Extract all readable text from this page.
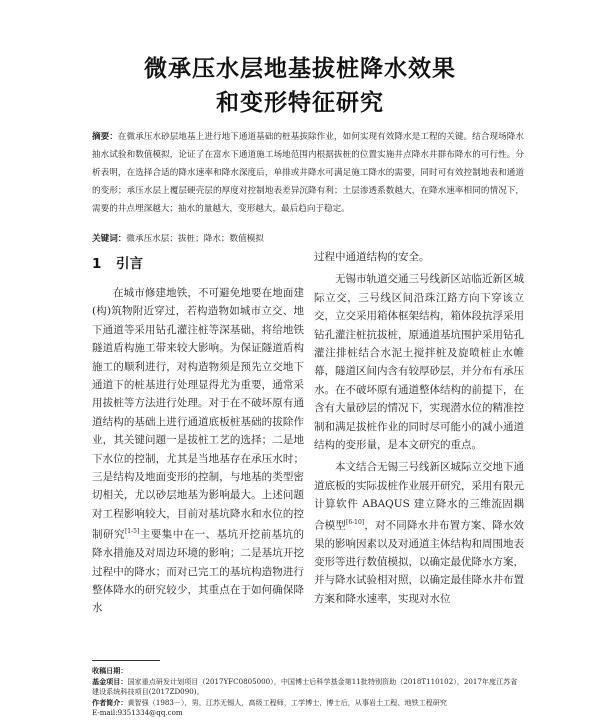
微承压水层地基拔桩降水效果
和变形特征研究
摘要：在微承压水砂层地基上进行地下通道基础的桩基拔除作业，如何实现有效降水是工程的关键。结合现场降水抽水试验和数值模拟，论证了在富水下通道施工场地范围内根据拔桩的位置实施井点降水井群布降水的可行性。分析表明，在选择合适的降水速率和降水深度后，单排或井降水可满足施工降水的需要，同时可有效控制地表和通道的变形；承压水层上覆层硬壳层的厚度对控制地表差异沉降有利；土层渗透系数越大，在降水速率相同的情况下，需要的井点埋深越大；抽水的量越大，变形越大，最后趋向于稳定。
关键词：微承压水层；拔桩；降水；数值模拟
1 引言

在城市修建地铁，不可避免地要在地面建(构)筑物附近穿过，若构造物如城市立交、地下通道等采用钻孔灌注桩等深基础，将给地铁隧道盾构施工带来较大影响。为保证隧道盾构施工的顺利进行，对构造物须是预先立交地下通道下的桩基进行处理显得尤为重要，通常采用拔桩等方法进行处理。对于在不破坏原有通道结构的基础上进行通道底板桩基础的拔除作业，其关键问题一是拔桩工艺的选择；二是地下水位的控制，尤其是当地基存在承压水时；三是结构及地面变形的控制，与地基的类型密切相关，尤以砂层地基为影响最大。上述问题对工程影响较大，目前对基坑降水和水位的控制研究[1-5]主要集中在一、基坑开挖前基坑的降水措施及对周边环境的影响；二是基坑开挖过程中的降水；而对已完工的基坑构造物进行整体降水的研究较少，其重点在于如何确保降水

过程中通道结构的安全。

无锡市轨道交通三号线新区站临近新区城际立交，三号线区间沿珠江路方向下穿该立交，立交采用箱体框架结构，箱体段抗浮采用钻孔灌注桩抗拔桩，原通道基坑围护采用钻孔灌注排桩结合水泥土搅拌桩及旋喷桩止水帷幕，隧道区间内含有较厚砂层，并分布有承压水。在不破坏原有通道整体结构的前提下，在含有大量砂层的情况下，实现潜水位的精准控制和满足拔桩作业的同时尽可能小的减小通道结构的变形量，是本文研究的重点。

本文结合无锡三号线新区城际立交地下通道底板的实际拔桩作业展开研究，采用有限元计算软件 ABAQUS 建立降水的三维流固耦合模型[6-10]，对不同降水井布置方案、降水效果的影响因素以及对通道主体结构和周围地表变形等进行数值模拟，以确定最优降水方案，并与降水试验相对照，以确定最佳降水井布置方案和降水速率，实现对水位

收稿日期：

基金项目：国家重点研发计划项目（2017YFC0805000），中国博士后科学基金第11批特别资助（2018T110102），2017年度江苏省建设系统科技项目(2017ZD090)。

作者简介：黄智强（1983－），男，江苏无锡人，高级工程师，工学博士，博士后，从事岩土工程、地铁工程研究

E-mail:9351334@qq.com
